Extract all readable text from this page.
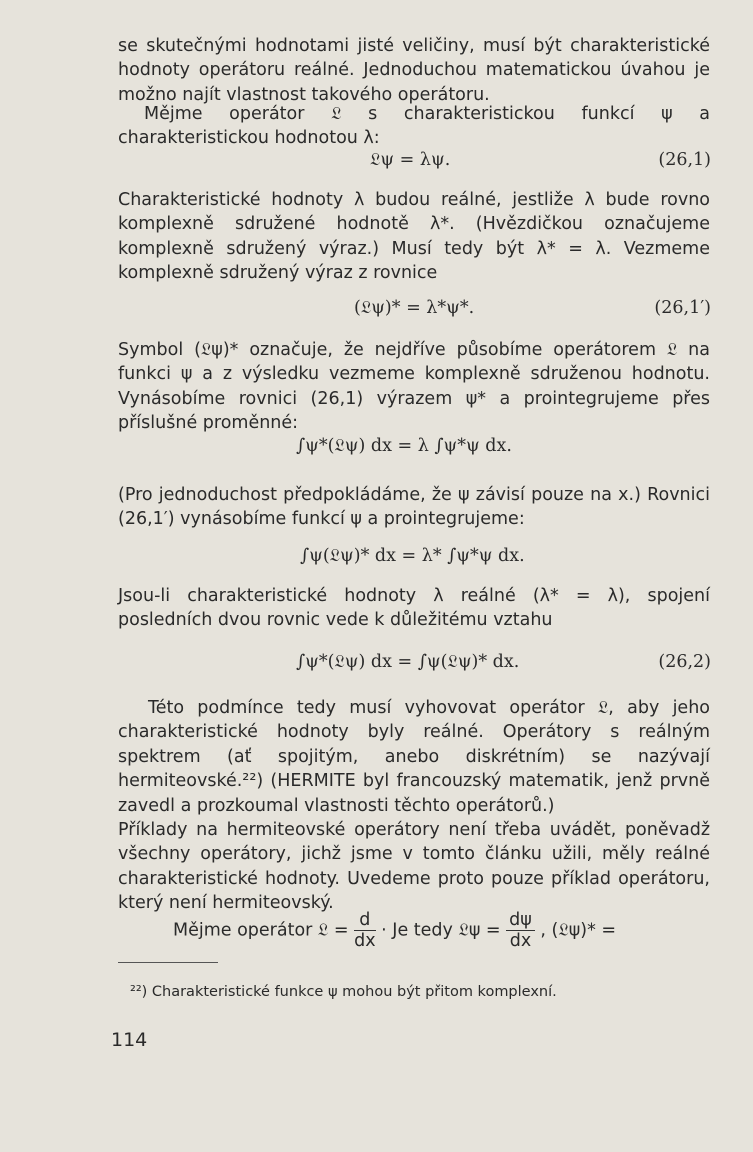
se skutečnými hodnotami jisté veličiny, musí být charakteristické hodnoty operátoru reálné. Jednoduchou matematickou úvahou je možno najít vlastnost takového operátoru.

Mějme operátor 𝔏 s charakteristickou funkcí ψ a charakteristickou hodnotou λ:

𝔏ψ = λψ.	(26,1)

Charakteristické hodnoty λ budou reálné, jestliže λ bude rovno komplexně sdružené hodnotě λ*. (Hvězdičkou označujeme komplexně sdružený výraz.) Musí tedy být λ* = λ. Vezmeme komplexně sdružený výraz z rovnice

(𝔏ψ)* = λ*ψ*.	(26,1′)

Symbol (𝔏ψ)* označuje, že nejdříve působíme operátorem 𝔏 na funkci ψ a z výsledku vezmeme komplexně sdruženou hodnotu. Vynásobíme rovnici (26,1) výrazem ψ* a prointegrujeme přes příslušné proměnné:

∫ψ*(𝔏ψ) dx = λ ∫ψ*ψ dx.

(Pro jednoduchost předpokládáme, že ψ závisí pouze na x.) Rovnici (26,1′) vynásobíme funkcí ψ a prointegrujeme:

∫ψ(𝔏ψ)* dx = λ* ∫ψ*ψ dx.

Jsou-li charakteristické hodnoty λ reálné (λ* = λ), spojení posledních dvou rovnic vede k důležitému vztahu

∫ψ*(𝔏ψ) dx = ∫ψ(𝔏ψ)* dx.	(26,2)

Této podmínce tedy musí vyhovovat operátor 𝔏, aby jeho charakteristické hodnoty byly reálné. Operátory s reálným spektrem (ať spojitým, anebo diskrétním) se nazývají hermiteovské.²²) (HERMITE byl francouzský matematik, jenž prvně zavedl a prozkoumal vlastnosti těchto operátorů.)

Příklady na hermiteovské operátory není třeba uvádět, poněvadž všechny operátory, jichž jsme v tomto článku užili, měly reálné charakteristické hodnoty. Uvedeme proto pouze příklad operátoru, který není hermiteovský.

Mějme operátor 𝔏 = $\frac{d}{dx} \cdot Je$ tedy 𝔏ψ = $\frac{d\psi}{dx}$ , (𝔏ψ)* =
²²) Charakteristické funkce ψ mohou být přitom komplexní.
114
